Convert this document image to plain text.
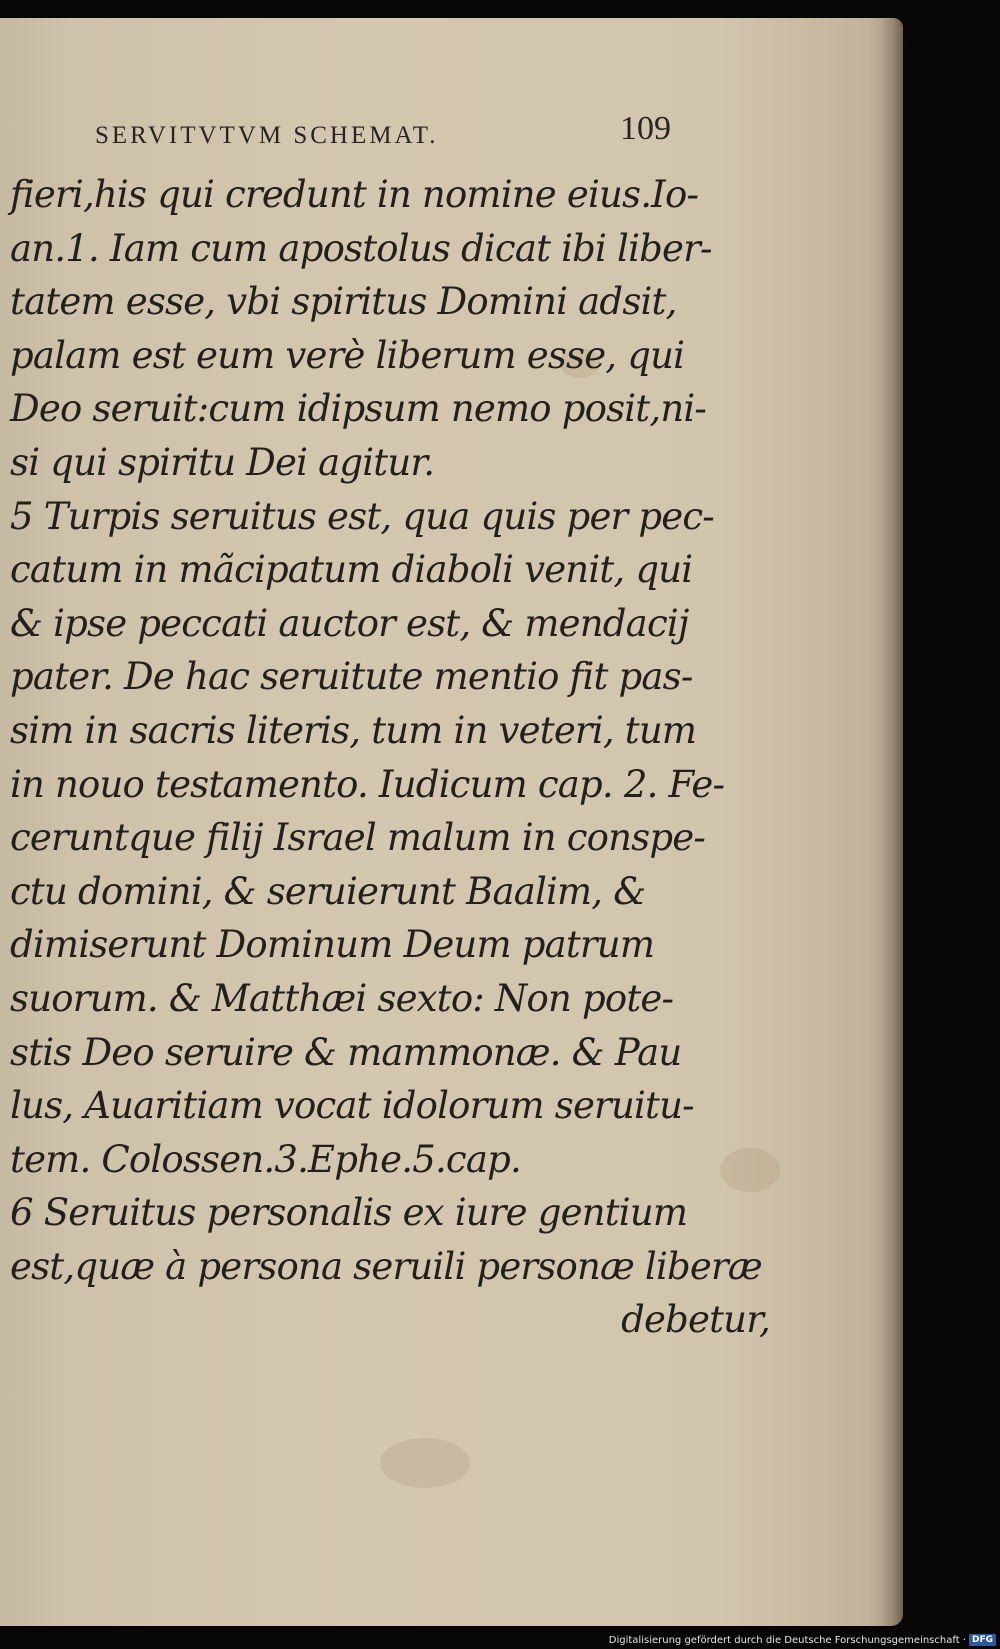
SERVITVTVM SCHEMAT.	109
fieri,his qui credunt in nomine eius.Io-
an.1. Iam cum apostolus dicat ibi liber-
tatem esse, vbi spiritus Domini adsit,
palam est eum verè liberum esse, qui
Deo seruit:cum idipsum nemo posit,ni-
si qui spiritu Dei agitur.
5 Turpis seruitus est, qua quis per pec-
catum in mãcipatum diaboli venit, qui
& ipse peccati auctor est, & mendacij
pater. De hac seruitute mentio fit pas-
sim in sacris literis, tum in veteri, tum
in nouo testamento. Iudicum cap. 2. Fe-
ceruntque filij Israel malum in conspe-
ctu domini, & seruierunt Baalim, &
dimiserunt Dominum Deum patrum
suorum. & Matthæi sexto: Non pote-
stis Deo seruire & mammonæ. & Pau
lus, Auaritiam vocat idolorum seruitu-
tem. Colossen.3.Ephe.5.cap.
6 Seruitus personalis ex iure gentium
est,quæ à persona seruili personæ liberæ
debetur,
Digitalisierung gefördert durch die Deutsche Forschungsgemeinschaft · DFG
